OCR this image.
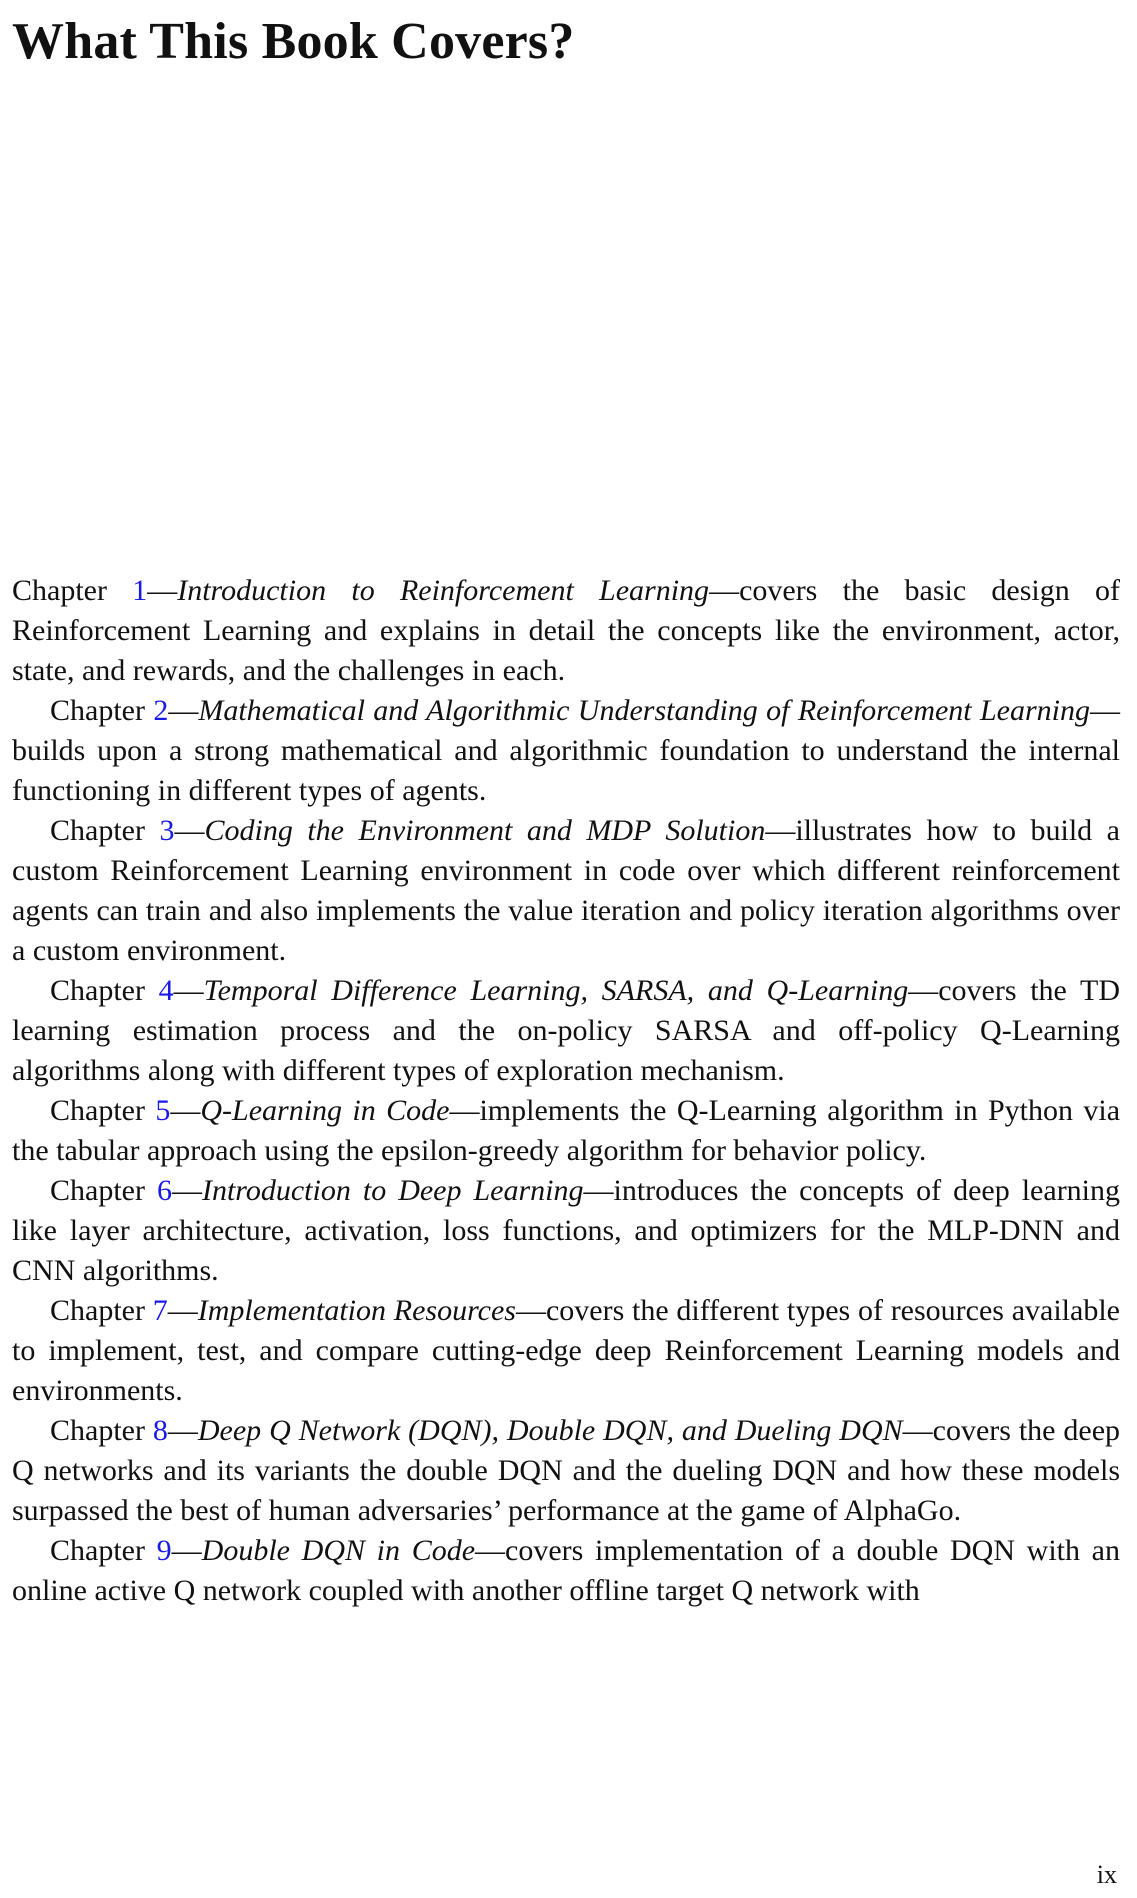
What This Book Covers?

Chapter 1—Introduction to Reinforcement Learning—covers the basic design of Reinforcement Learning and explains in detail the concepts like the environment, actor, state, and rewards, and the challenges in each.

Chapter 2—Mathematical and Algorithmic Understanding of Reinforcement Learning—builds upon a strong mathematical and algorithmic foundation to understand the internal functioning in different types of agents.

Chapter 3—Coding the Environment and MDP Solution—illustrates how to build a custom Reinforcement Learning environment in code over which different reinforcement agents can train and also implements the value iteration and policy iteration algorithms over a custom environment.

Chapter 4—Temporal Difference Learning, SARSA, and Q-Learning—covers the TD learning estimation process and the on-policy SARSA and off-policy Q-Learning algorithms along with different types of exploration mechanism.

Chapter 5—Q-Learning in Code—implements the Q-Learning algorithm in Python via the tabular approach using the epsilon-greedy algorithm for behavior policy.

Chapter 6—Introduction to Deep Learning—introduces the concepts of deep learning like layer architecture, activation, loss functions, and optimizers for the MLP-DNN and CNN algorithms.

Chapter 7—Implementation Resources—covers the different types of resources available to implement, test, and compare cutting-edge deep Reinforcement Learning models and environments.

Chapter 8—Deep Q Network (DQN), Double DQN, and Dueling DQN—covers the deep Q networks and its variants the double DQN and the dueling DQN and how these models surpassed the best of human adversaries’ performance at the game of AlphaGo.

Chapter 9—Double DQN in Code—covers implementation of a double DQN with an online active Q network coupled with another offline target Q network with

ix
